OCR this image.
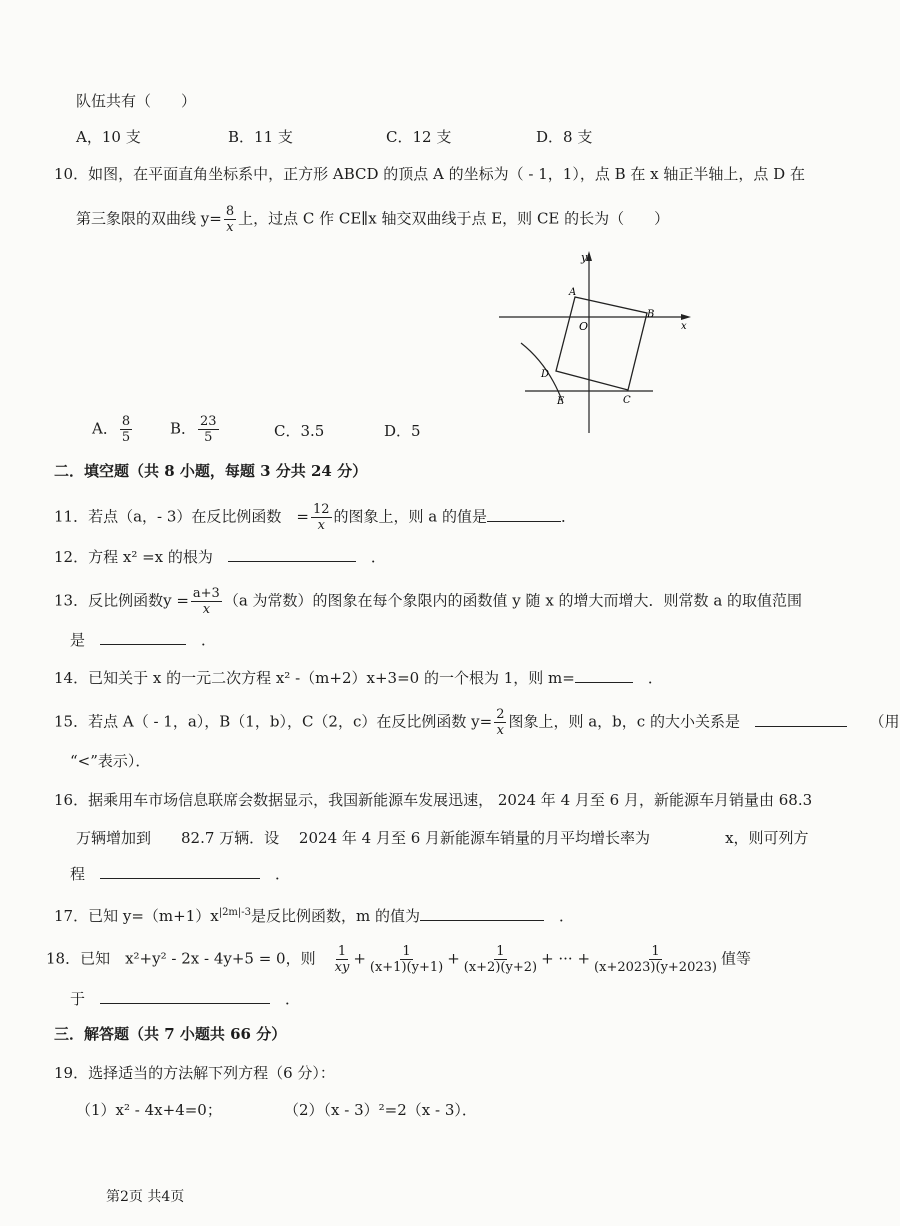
队伍共有（　　）
A，10 支	B．11 支	C．12 支	D．8 支
10．如图，在平面直角坐标系中，正方形 ABCD 的顶点 A 的坐标为（ - 1，1），点 B 在 x 轴正半轴上，点 D 在
第三象限的双曲线 $y= \frac{8}{x}$ 上，过点 C 作 CE∥x 轴交双曲线于点 E，则 CE 的长为（　　）
y
x
O
A
B
C
D
E
A． $\frac{8}{5}$	B． $\frac{23}{5}$	C．3.5	D．5
二．填空题（共 8 小题，每题 3 分共 24 分）
11．若点（a，- 3）在反比例函数　= $\frac{12}{x}$ 的图象上，则 a 的值是	．
12．方程 x² =x 的根为　	　．
13．反比例函数$y = \frac{a+3}{x} (a$ 为常数）的图象在每个象限内的函数值 y 随 x 的增大而增大．则常数 a 的取值范围
是　	　．
14．已知关于 x 的一元二次方程 x² -（m+2）x+3=0 的一个根为 1，则 m=	　．
15．若点 A（ - 1，a），B（1，b），C（2，c）在反比例函数 $y= \frac{2}{x}$ 图象上，则 a，b，c 的大小关系是　　　	（用
“<”表示）．
16．据乘用车市场信息联席会数据显示，我国新能源车发展迅速， 2024 年 4 月至 6 月，新能源车月销量由 68.3
万辆增加到　　82.7 万辆．设　 2024 年 4 月至 6 月新能源车销量的月平均增长率为　　　　　	x，则可列方
程　	　．
17．已知 $y=(m+1)x^{|2m|-3}$是反比例函数，m 的值为	　．
18．已知　x²+y² - 2x - 4y+5 = 0，则　 $\frac{1}{xy} + \frac{1}{(x+1)(y+1)} + \frac{1}{(x+2)(y+2)}$ + ··· + $\frac{1}{(x+2023)(y+2023)}$ 值等
于　	　．
三．解答题（共 7 小题共 66 分）
19．选择适当的方法解下列方程（6 分）：
（1）x² - 4x+4=0；	（2）（x - 3）²=2（x - 3）．
第2页 共4页
